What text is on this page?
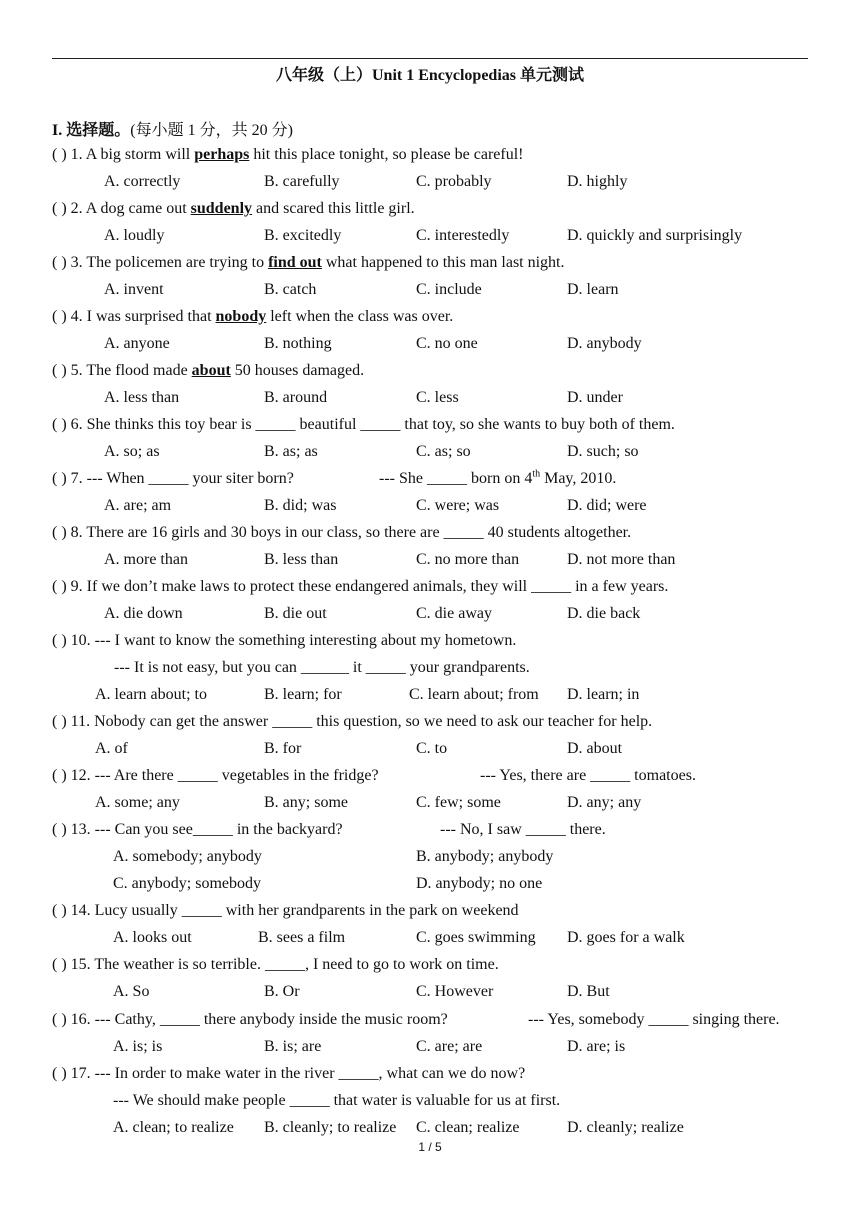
八年级（上）Unit 1 Encyclopedias 单元测试
I. 选择题。(每小题 1 分，共 20 分)
( ) 1. A big storm will perhaps hit this place tonight, so please be careful!
A. correctly	B. carefully	C. probably	D. highly
( ) 2. A dog came out suddenly and scared this little girl.
A. loudly	B. excitedly	C. interestedly	D. quickly and surprisingly
( ) 3. The policemen are trying to find out what happened to this man last night.
A. invent	B. catch	C. include	D. learn
( ) 4. I was surprised that nobody left when the class was over.
A. anyone	B. nothing	C. no one	D. anybody
( ) 5. The flood made about 50 houses damaged.
A. less than	B. around	C. less	D. under
( ) 6. She thinks this toy bear is _____ beautiful _____ that toy, so she wants to buy both of them.
A. so; as	B. as; as	C. as; so	D. such; so
( ) 7. --- When _____ your siter born?	--- She _____ born on 4th May, 2010.
A. are; am	B. did; was	C. were; was	D. did; were
( ) 8. There are 16 girls and 30 boys in our class, so there are _____ 40 students altogether.
A. more than	B. less than	C. no more than	D. not more than
( ) 9. If we don’t make laws to protect these endangered animals, they will _____ in a few years.
A. die down	B. die out	C. die away	D. die back
( ) 10. --- I want to know the something interesting about my hometown.
--- It is not easy, but you can ______ it _____ your grandparents.
A. learn about; to	B. learn; for	C. learn about; from D. learn; in
( ) 11. Nobody can get the answer _____ this question, so we need to ask our teacher for help.
A. of	B. for	C. to	D. about
( ) 12. --- Are there _____ vegetables in the fridge?	--- Yes, there are _____ tomatoes.
A. some; any	B. any; some	C. few; some	D. any; any
( ) 13. --- Can you see_____ in the backyard?	--- No, I saw _____ there.
A. somebody; anybody	B. anybody; anybody
C. anybody; somebody	D. anybody; no one
( ) 14. Lucy usually _____ with her grandparents in the park on weekend
A. looks out	B. sees a film	C. goes swimming D. goes for a walk
( ) 15. The weather is so terrible. _____, I need to go to work on time.
A. So	B. Or	C. However	D. But
( ) 16. --- Cathy, _____ there anybody inside the music room?	--- Yes, somebody _____ singing there.
A. is; is	B. is; are	C. are; are	D. are; is
( ) 17. --- In order to make water in the river _____, what can we do now?
--- We should make people _____ that water is valuable for us at first.
A. clean; to realize B. cleanly; to realize C. clean; realize	D. cleanly; realize
1 / 5
